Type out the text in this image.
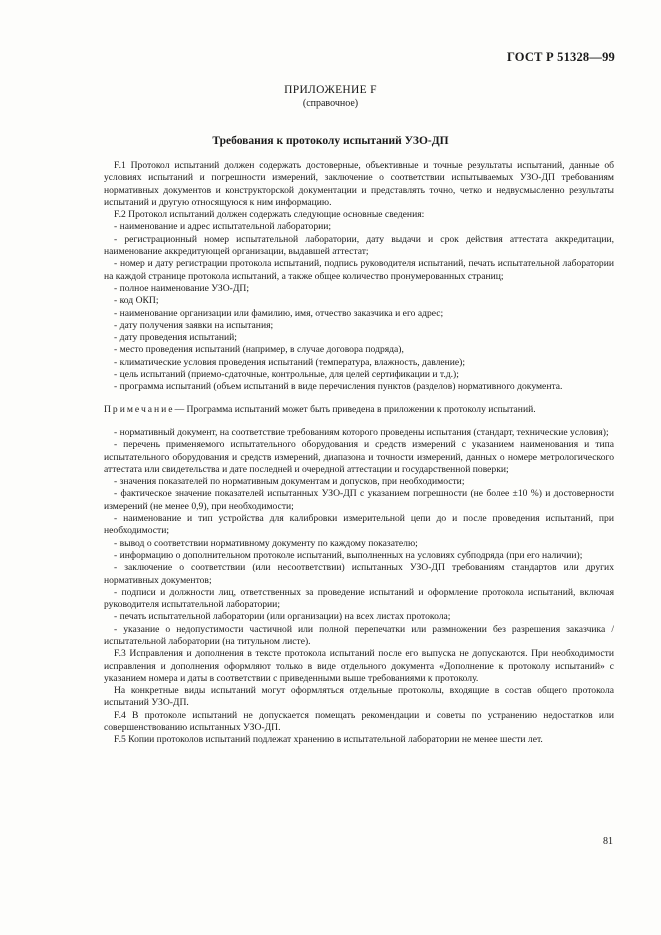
ГОСТ Р 51328—99
ПРИЛОЖЕНИЕ F
(справочное)
Требования к протоколу испытаний УЗО-ДП

F.1 Протокол испытаний должен содержать достоверные, объективные и точные результаты испытаний, данные об условиях испытаний и погрешности измерений, заключение о соответствии испытываемых УЗО-ДП требованиям нормативных документов и конструкторской документации и представлять точно, четко и недвусмысленно результаты испытаний и другую относящуюся к ним информацию.

F.2 Протокол испытаний должен содержать следующие основные сведения:

- наименование и адрес испытательной лаборатории;

- регистрационный номер испытательной лаборатории, дату выдачи и срок действия аттестата аккредитации, наименование аккредитующей организации, выдавшей аттестат;

- номер и дату регистрации протокола испытаний, подпись руководителя испытаний, печать испытательной лаборатории на каждой странице протокола испытаний, а также общее количество пронумерованных страниц;

- полное наименование УЗО-ДП;

- код ОКП;

- наименование организации или фамилию, имя, отчество заказчика и его адрес;

- дату получения заявки на испытания;

- дату проведения испытаний;

- место проведения испытаний (например, в случае договора подряда),

- климатические условия проведения испытаний (температура, влажность, давление);

- цель испытаний (приемо-сдаточные, контрольные, для целей сертификации и т.д.);

- программа испытаний (объем испытаний в виде перечисления пунктов (разделов) нормативного документа.

Примечание— Программа испытаний может быть приведена в приложении к протоколу испытаний.

- нормативный документ, на соответствие требованиям которого проведены испытания (стандарт, технические условия);

- перечень применяемого испытательного оборудования и средств измерений с указанием наименования и типа испытательного оборудования и средств измерений, диапазона и точности измерений, данных о номере метрологического аттестата или свидетельства и дате последней и очередной аттестации и государственной поверки;

- значения показателей по нормативным документам и допусков, при необходимости;

- фактическое значение показателей испытанных УЗО-ДП с указанием погрешности (не более ±10 %) и достоверности измерений (не менее 0,9), при необходимости;

- наименование и тип устройства для калибровки измерительной цепи до и после проведения испытаний, при необходимости;

- вывод о соответствии нормативному документу по каждому показателю;

- информацию о дополнительном протоколе испытаний, выполненных на условиях субподряда (при его наличии);

- заключение о соответствии (или несоответствии) испытанных УЗО-ДП требованиям стандартов или других нормативных документов;

- подписи и должности лиц, ответственных за проведение испытаний и оформление протокола испытаний, включая руководителя испытательной лаборатории;

- печать испытательной лаборатории (или организации) на всех листах протокола;

- указание о недопустимости частичной или полной перепечатки или размножении без разрешения заказчика / испытательной лаборатории (на титульном листе).

F.3 Исправления и дополнения в тексте протокола испытаний после его выпуска не допускаются. При необходимости исправления и дополнения оформляют только в виде отдельного документа «Дополнение к протоколу испытаний» с указанием номера и даты в соответствии с приведенными выше требованиями к протоколу.

На конкретные виды испытаний могут оформляться отдельные протоколы, входящие в состав общего протокола испытаний УЗО-ДП.

F.4 В протоколе испытаний не допускается помещать рекомендации и советы по устранению недостатков или совершенствованию испытанных УЗО-ДП.

F.5 Копии протоколов испытаний подлежат хранению в испытательной лаборатории не менее шести лет.

81
